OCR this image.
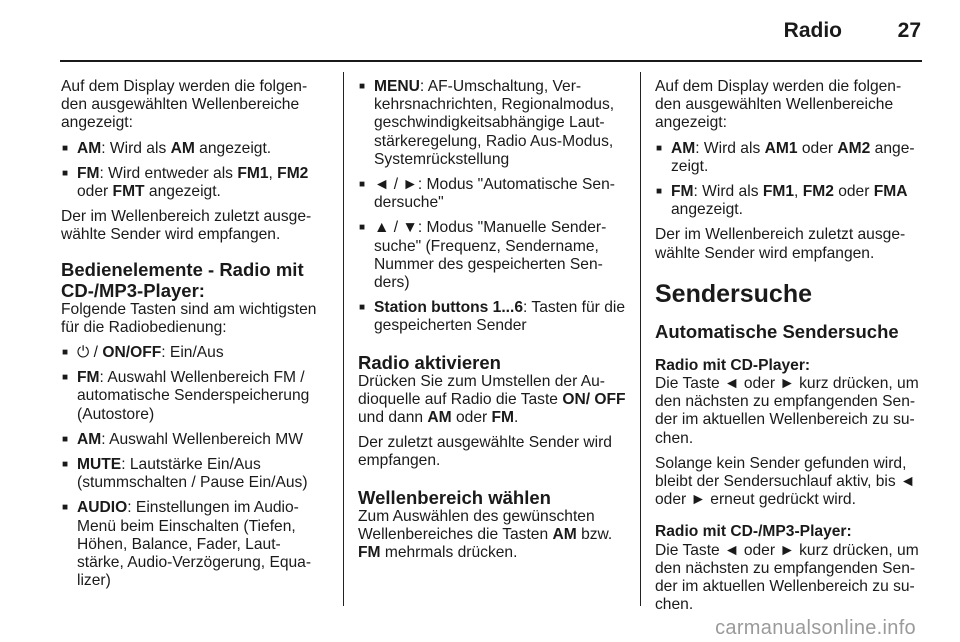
Radio	27

Auf dem Display werden die folgen- den ausgewählten Wellenbereiche angezeigt:

■ AM: Wird als AM angezeigt.
■ FM: Wird entweder als FM1, FM2 oder FMT angezeigt.

Der im Wellenbereich zuletzt ausge- wählte Sender wird empfangen.

Bedienelemente - Radio mit CD-/MP3-Player:

Folgende Tasten sind am wichtigsten für die Radiobedienung:

■ ⏻ / ON/OFF: Ein/Aus
■ FM: Auswahl Wellenbereich FM / automatische Senderspeicherung (Autostore)
■ AM: Auswahl Wellenbereich MW
■ MUTE: Lautstärke Ein/Aus (stummschalten / Pause Ein/Aus)
■ AUDIO: Einstellungen im Audio- Menü beim Einschalten (Tiefen, Höhen, Balance, Fader, Laut- stärke, Audio-Verzögerung, Equa- lizer)
■ MENU: AF-Umschaltung, Ver- kehrsnachrichten, Regionalmodus, geschwindigkeitsabhängige Laut- stärkeregelung, Radio Aus-Modus, Systemrückstellung
■ ◄ / ►: Modus "Automatische Sen- dersuche"
■ ▲ / ▼: Modus "Manuelle Sender- suche" (Frequenz, Sendername, Nummer des gespeicherten Sen- ders)
■ Station buttons 1...6: Tasten für die gespeicherten Sender
Radio aktivieren

Drücken Sie zum Umstellen der Au- dioquelle auf Radio die Taste ON/ OFF und dann AM oder FM.

Der zuletzt ausgewählte Sender wird empfangen.

Wellenbereich wählen

Zum Auswählen des gewünschten Wellenbereiches die Tasten AM bzw. FM mehrmals drücken.

Auf dem Display werden die folgen- den ausgewählten Wellenbereiche angezeigt:

■ AM: Wird als AM1 oder AM2 ange- zeigt.
■ FM: Wird als FM1, FM2 oder FMA angezeigt.

Der im Wellenbereich zuletzt ausge- wählte Sender wird empfangen.

Sendersuche
Automatische Sendersuche
Radio mit CD-Player:

Die Taste ◄ oder ► kurz drücken, um den nächsten zu empfangenden Sen- der im aktuellen Wellenbereich zu su- chen.

Solange kein Sender gefunden wird, bleibt der Sendersuchlauf aktiv, bis ◄ oder ► erneut gedrückt wird.

Radio mit CD-/MP3-Player:

Die Taste ◄ oder ► kurz drücken, um den nächsten zu empfangenden Sen- der im aktuellen Wellenbereich zu su- chen.

carmanualsonline.info
